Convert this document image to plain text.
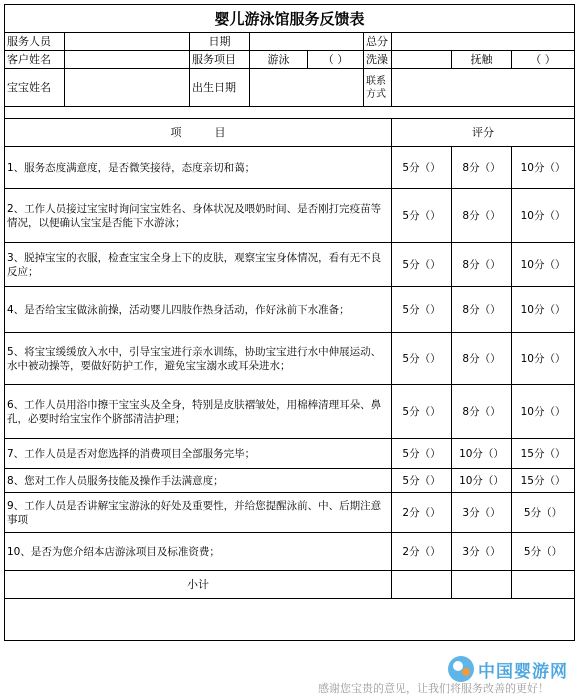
婴儿游泳馆服务反馈表								
服务人员		日期			总分			
客户姓名		服务项目	游泳	（ ）	洗澡		抚触	（ ）
宝宝姓名		出生日期			联系方式			

项　　　目						评分		
1、服务态度满意度，是否微笑接待，态度亲切和蔼；						5分（）	8分（）	10分（）
2、工作人员接过宝宝时询问宝宝姓名、身体状况及喂奶时间、是否刚打完疫苗等情况，以便确认宝宝是否能下水游泳；						5分（）	8分（）	10分（）
3、脱掉宝宝的衣服，检查宝宝全身上下的皮肤，观察宝宝身体情况，看有无不良反应；						5分（）	8分（）	10分（）
4、是否给宝宝做泳前操，活动婴儿四肢作热身活动，作好泳前下水准备；						5分（）	8分（）	10分（）
5、将宝宝缓缓放入水中，引导宝宝进行亲水训练，协助宝宝进行水中伸展运动、水中被动操等，要做好防护工作，避免宝宝溺水或耳朵进水；						5分（）	8分（）	10分（）
6、工作人员用浴巾擦干宝宝头及全身，特别是皮肤褶皱处，用棉棒清理耳朵、鼻孔，必要时给宝宝作个脐部清洁护理；						5分（）	8分（）	10分（）
7、工作人员是否对您选择的消费项目全部服务完毕；						5分（）	10分（）	15分（）
8、您对工作人员服务技能及操作手法满意度；						5分（）	10分（）	15分（）
9、工作人员是否讲解宝宝游泳的好处及重要性，并给您提醒泳前、中、后期注意事项						2分（）	3分（）	5分（）
10、是否为您介绍本店游泳项目及标准资费；						2分（）	3分（）	5分（）
小计								

中国婴游网
感谢您宝贵的意见，让我们将服务改善的更好！
